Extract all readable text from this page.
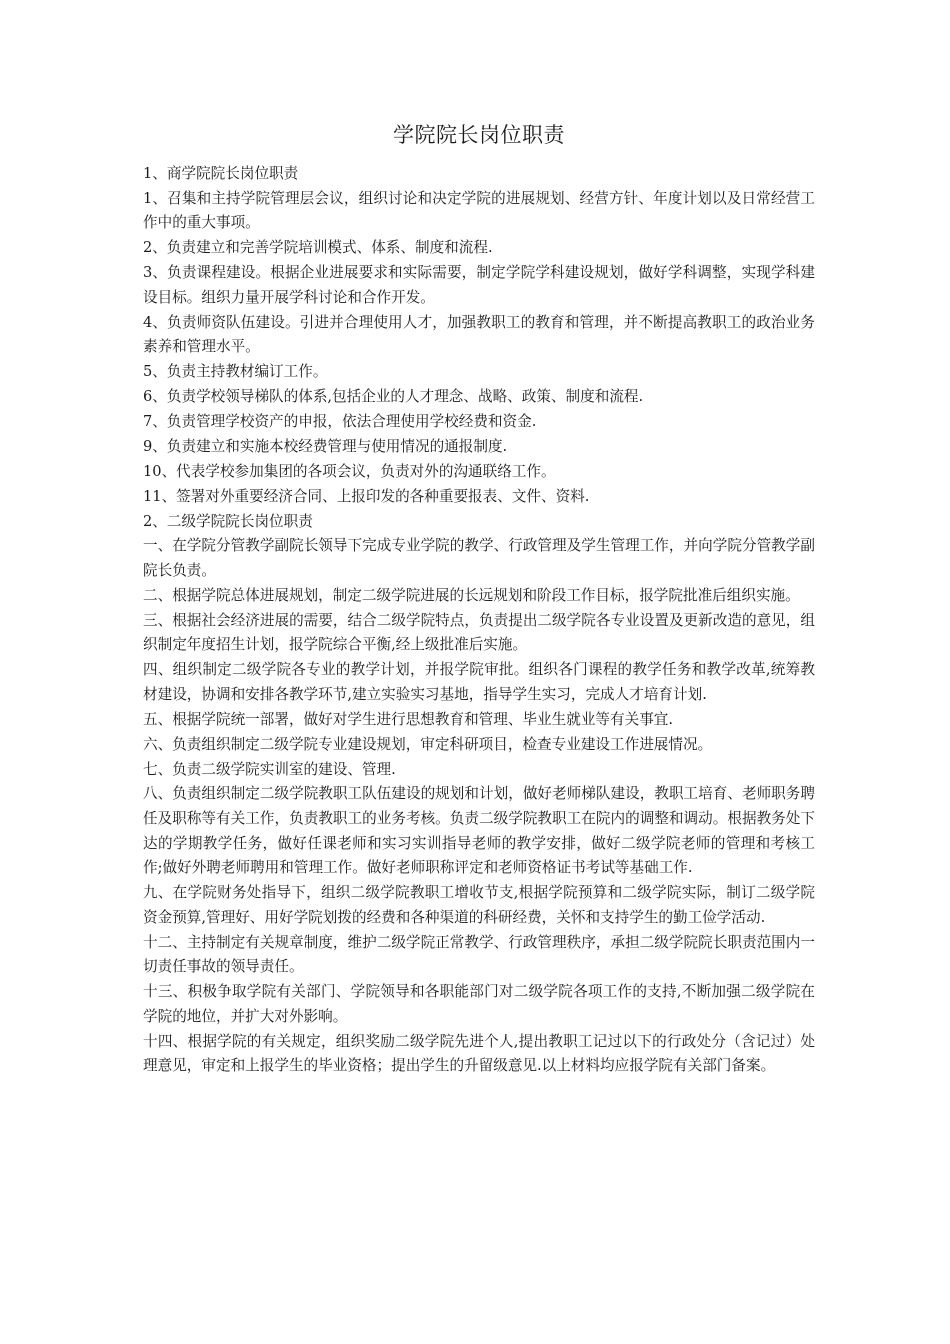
学院院长岗位职责

1、商学院院长岗位职责

1、召集和主持学院管理层会议，组织讨论和决定学院的进展规划、经营方针、年度计划以及日常经营工作中的重大事项。

2、负责建立和完善学院培训模式、体系、制度和流程.

3、负责课程建设。根据企业进展要求和实际需要，制定学院学科建设规划，做好学科调整，实现学科建设目标。组织力量开展学科讨论和合作开发。

4、负责师资队伍建设。引进并合理使用人才，加强教职工的教育和管理，并不断提高教职工的政治业务素养和管理水平。

5、负责主持教材编订工作。

6、负责学校领导梯队的体系,包括企业的人才理念、战略、政策、制度和流程.

7、负责管理学校资产的申报，依法合理使用学校经费和资金.

9、负责建立和实施本校经费管理与使用情况的通报制度.

10、代表学校参加集团的各项会议，负责对外的沟通联络工作。

11、签署对外重要经济合同、上报印发的各种重要报表、文件、资料.

2、二级学院院长岗位职责

一、在学院分管教学副院长领导下完成专业学院的教学、行政管理及学生管理工作，并向学院分管教学副院长负责。

二、根据学院总体进展规划，制定二级学院进展的长远规划和阶段工作目标，报学院批准后组织实施。

三、根据社会经济进展的需要，结合二级学院特点，负责提出二级学院各专业设置及更新改造的意见，组织制定年度招生计划，报学院综合平衡,经上级批准后实施。

四、组织制定二级学院各专业的教学计划，并报学院审批。组织各门课程的教学任务和教学改革,统筹教材建设，协调和安排各教学环节,建立实验实习基地，指导学生实习，完成人才培育计划.

五、根据学院统一部署，做好对学生进行思想教育和管理、毕业生就业等有关事宜.

六、负责组织制定二级学院专业建设规划，审定科研项目，检查专业建设工作进展情况。

七、负责二级学院实训室的建设、管理.

八、负责组织制定二级学院教职工队伍建设的规划和计划，做好老师梯队建设，教职工培育、老师职务聘任及职称等有关工作，负责教职工的业务考核。负责二级学院教职工在院内的调整和调动。根据教务处下达的学期教学任务，做好任课老师和实习实训指导老师的教学安排，做好二级学院老师的管理和考核工作;做好外聘老师聘用和管理工作。做好老师职称评定和老师资格证书考试等基础工作.

九、在学院财务处指导下，组织二级学院教职工增收节支,根据学院预算和二级学院实际，制订二级学院资金预算,管理好、用好学院划拨的经费和各种渠道的科研经费，关怀和支持学生的勤工俭学活动.

十二、主持制定有关规章制度，维护二级学院正常教学、行政管理秩序，承担二级学院院长职责范围内一切责任事故的领导责任。

十三、积极争取学院有关部门、学院领导和各职能部门对二级学院各项工作的支持,不断加强二级学院在学院的地位，并扩大对外影响。

十四、根据学院的有关规定，组织奖励二级学院先进个人,提出教职工记过以下的行政处分（含记过）处理意见，审定和上报学生的毕业资格；提出学生的升留级意见.以上材料均应报学院有关部门备案。
